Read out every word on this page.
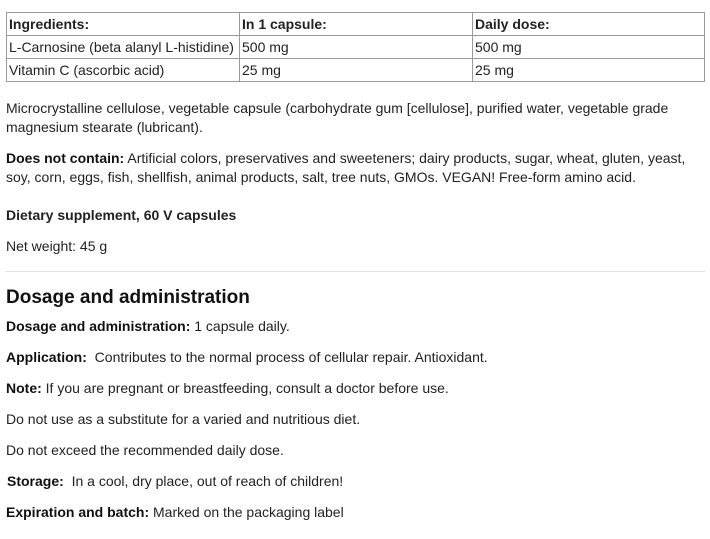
Ingredients:	In 1 capsule:	Daily dose:
L-Carnosine (beta alanyl L-histidine)	500 mg	500 mg
Vitamin C (ascorbic acid)	25 mg	25 mg

Microcrystalline cellulose, vegetable capsule (carbohydrate gum [cellulose], purified water, vegetable grade magnesium stearate (lubricant).

Does not contain: Artificial colors, preservatives and sweeteners; dairy products, sugar, wheat, gluten, yeast, soy, corn, eggs, fish, shellfish, animal products, salt, tree nuts, GMOs. VEGAN! Free-form amino acid.

Dietary supplement, 60 V capsules

Net weight: 45 g

Dosage and administration

Dosage and administration: 1 capsule daily.

Application: Contributes to the normal process of cellular repair. Antioxidant.

Note: If you are pregnant or breastfeeding, consult a doctor before use.

Do not use as a substitute for a varied and nutritious diet.

Do not exceed the recommended daily dose.

Storage: In a cool, dry place, out of reach of children!

Expiration and batch: Marked on the packaging label
